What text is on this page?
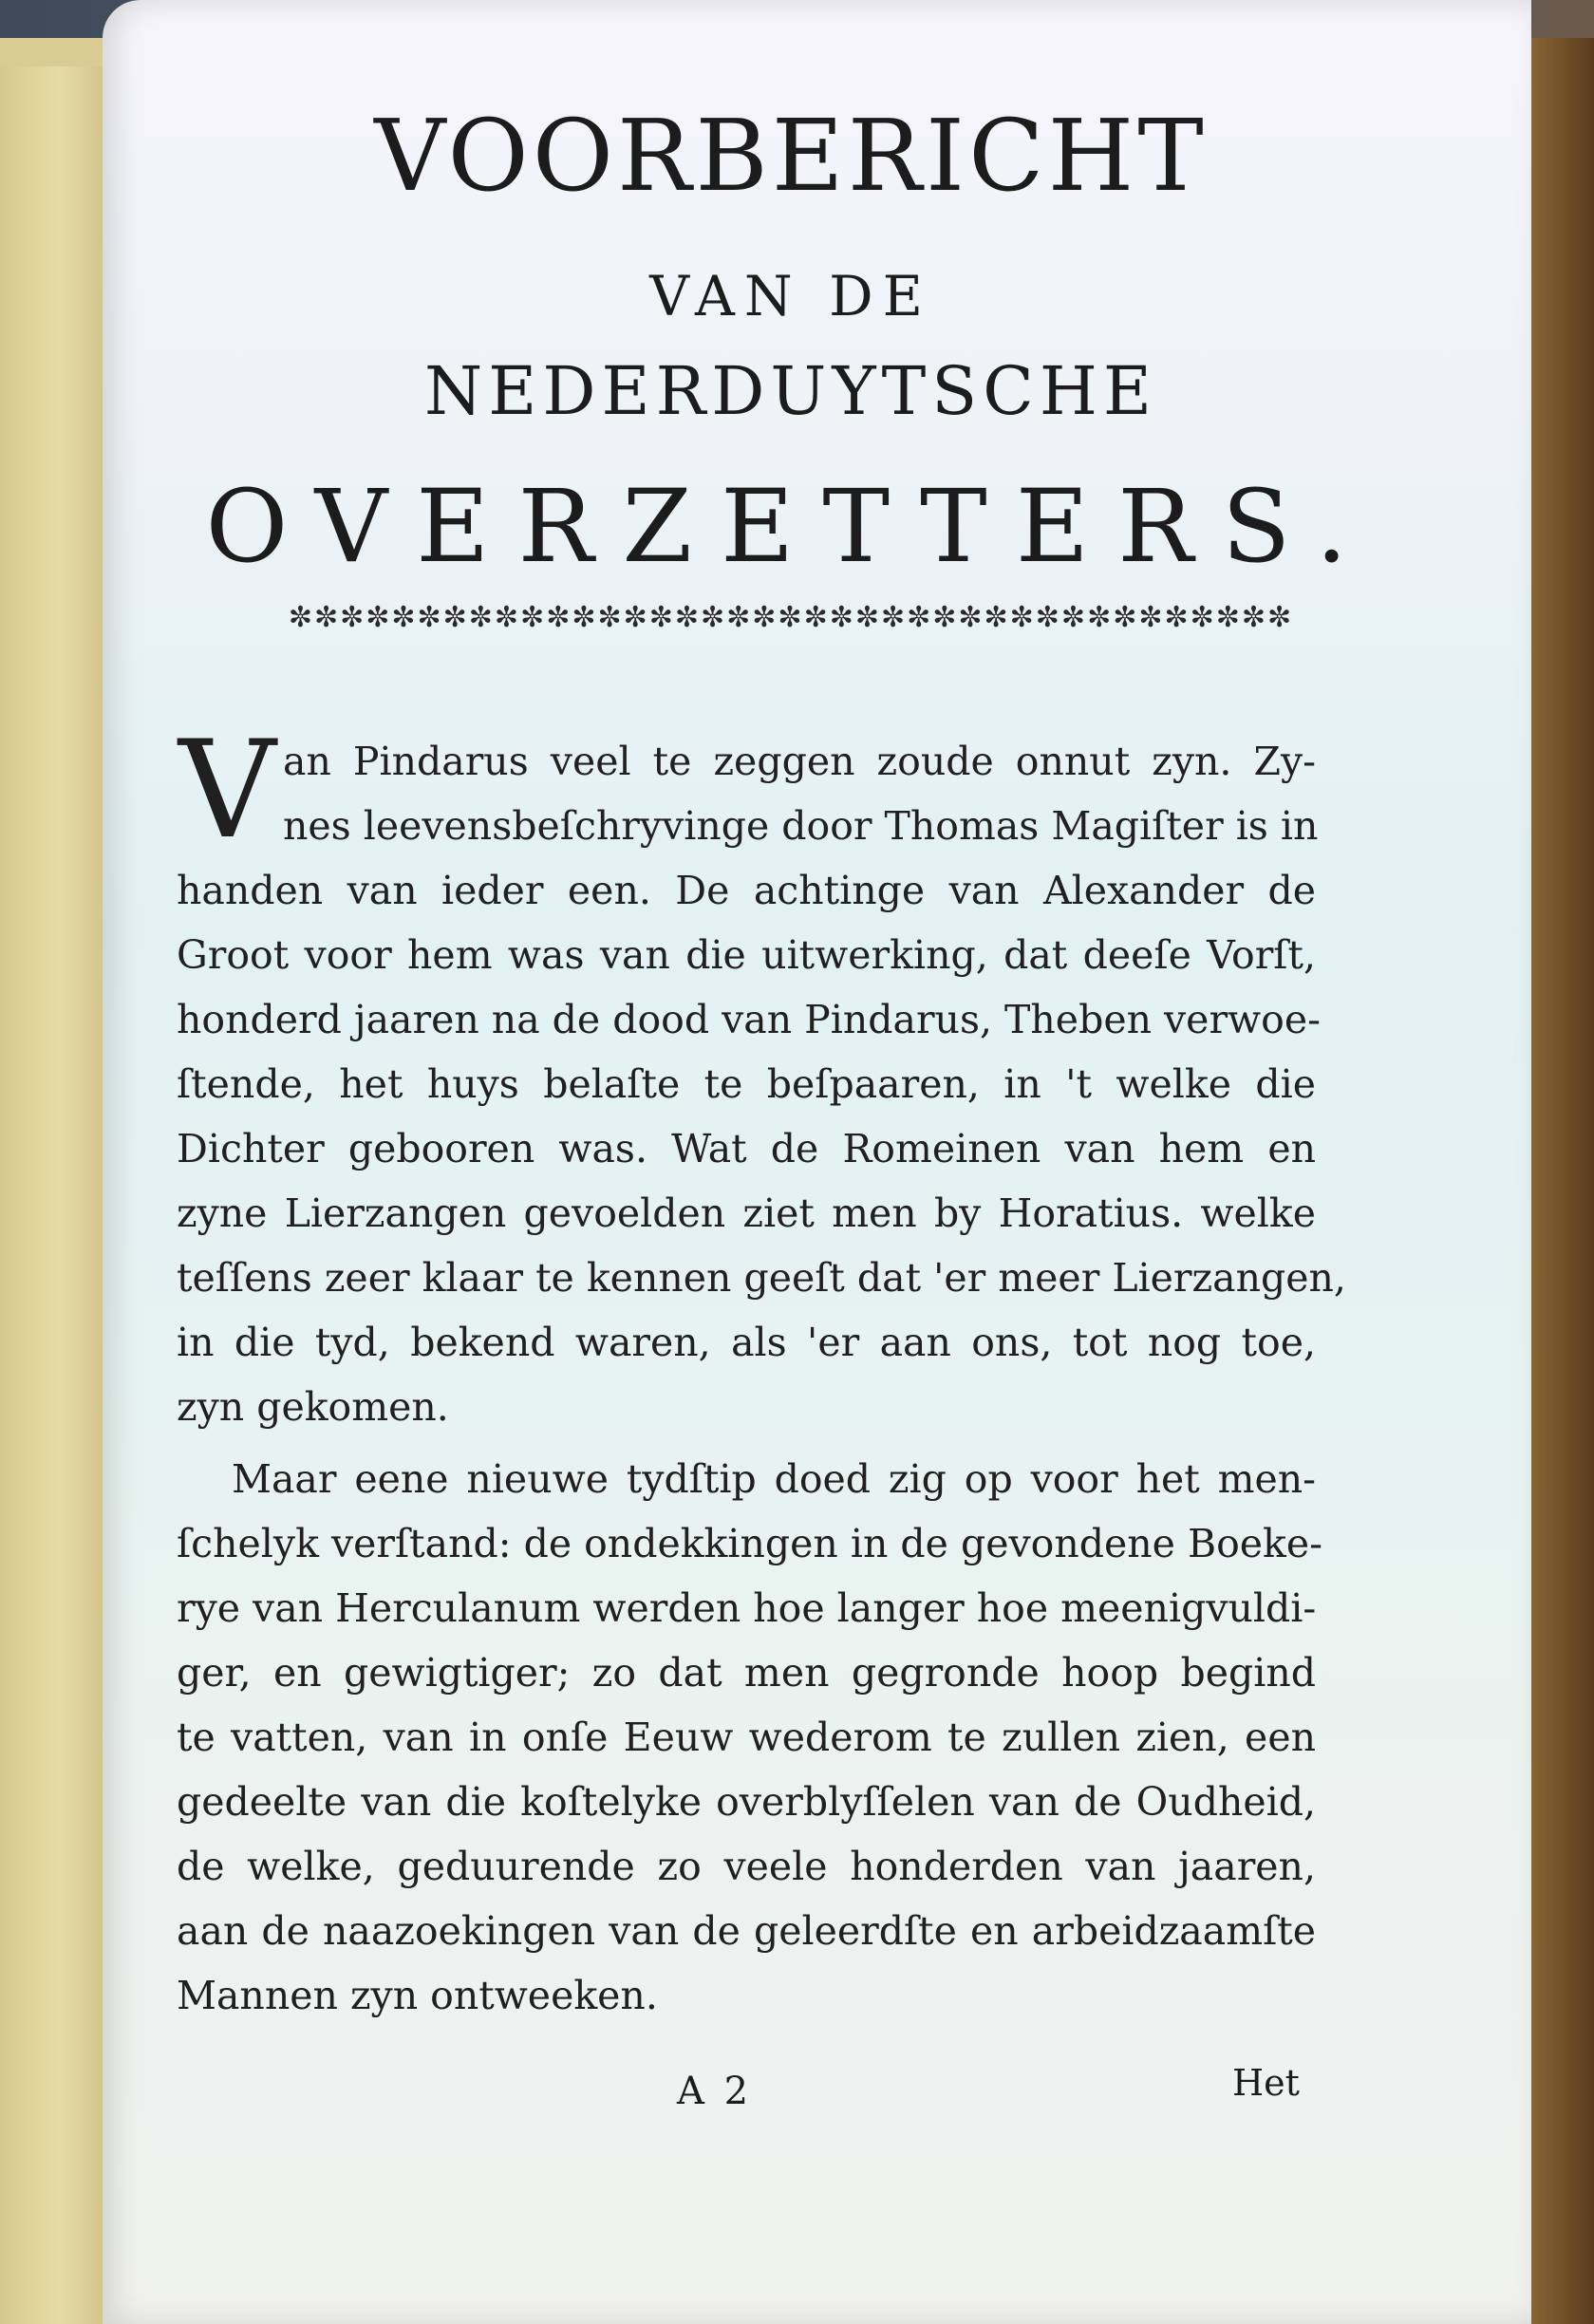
VOORBERICHT
VAN DE
NEDERDUYTSCHE
OVERZETTERS.
✼✼✼✼✼✼✼✼✼✼✼✼✼✼✼✼✼✼✼✼✼✼✼✼✼✼✼✼✼✼✼✼✼✼✼✼✼✼✼
V an Pindarus veel te zeggen zoude onnut zyn. Zy-
nes leevensbeſchryvinge door Thomas Magiſter is in
handen van ieder een. De achtinge van Alexander de
Groot voor hem was van die uitwerking, dat deeſe Vorſt,
honderd jaaren na de dood van Pindarus, Theben verwoe-
ſtende, het huys belaſte te beſpaaren, in 't welke die
Dichter gebooren was. Wat de Romeinen van hem en
zyne Lierzangen gevoelden ziet men by Horatius. welke
teſſens zeer klaar te kennen geeſt dat 'er meer Lierzangen,
in die tyd, bekend waren, als 'er aan ons, tot nog toe,
zyn gekomen.
Maar eene nieuwe tydſtip doed zig op voor het men-
ſchelyk verſtand: de ondekkingen in de gevondene Boeke-
rye van Herculanum werden hoe langer hoe meenigvuldi-
ger, en gewigtiger; zo dat men gegronde hoop begind
te vatten, van in onſe Eeuw wederom te zullen zien, een
gedeelte van die koſtelyke overblyſſelen van de Oudheid,
de welke, geduurende zo veele honderden van jaaren,
aan de naazoekingen van de geleerdſte en arbeidzaamſte
Mannen zyn ontweeken.
A 2	Het
